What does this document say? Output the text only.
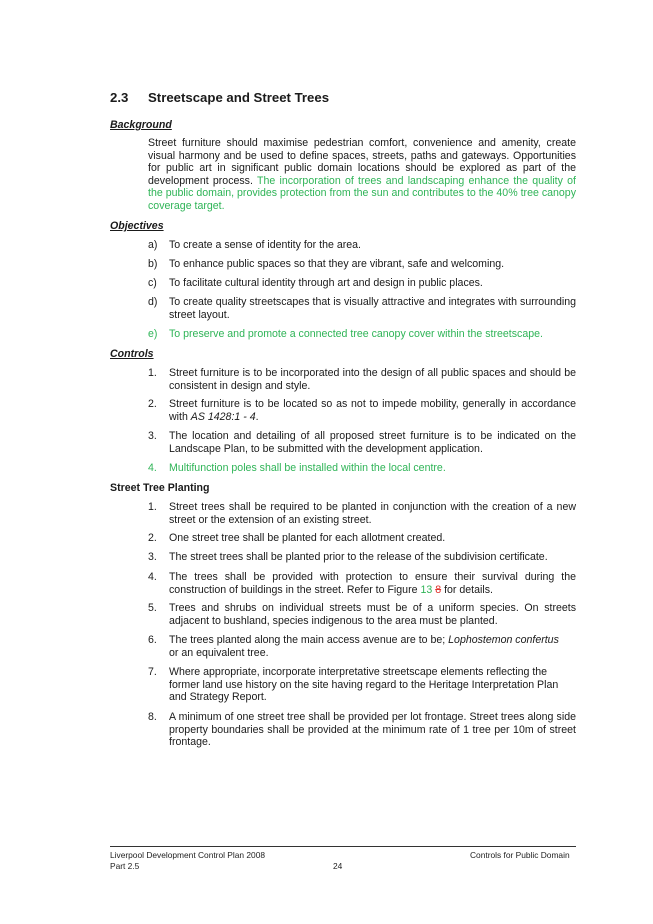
2.3 Streetscape and Street Trees
Background
Street furniture should maximise pedestrian comfort, convenience and amenity, create visual harmony and be used to define spaces, streets, paths and gateways. Opportunities for public art in significant public domain locations should be explored as part of the development process. The incorporation of trees and landscaping enhance the quality of the public domain, provides protection from the sun and contributes to the 40% tree canopy coverage target.
Objectives
a) To create a sense of identity for the area.
b) To enhance public spaces so that they are vibrant, safe and welcoming.
c) To facilitate cultural identity through art and design in public places.
d) To create quality streetscapes that is visually attractive and integrates with surrounding street layout.
e) To preserve and promote a connected tree canopy cover within the streetscape.
Controls
1. Street furniture is to be incorporated into the design of all public spaces and should be consistent in design and style.
2. Street furniture is to be located so as not to impede mobility, generally in accordance with AS 1428:1 - 4.
3. The location and detailing of all proposed street furniture is to be indicated on the Landscape Plan, to be submitted with the development application.
4. Multifunction poles shall be installed within the local centre.
Street Tree Planting
1. Street trees shall be required to be planted in conjunction with the creation of a new street or the extension of an existing street.
2. One street tree shall be planted for each allotment created.
3. The street trees shall be planted prior to the release of the subdivision certificate.
4. The trees shall be provided with protection to ensure their survival during the construction of buildings in the street. Refer to Figure 13 8 for details.
5. Trees and shrubs on individual streets must be of a uniform species. On streets adjacent to bushland, species indigenous to the area must be planted.
6. The trees planted along the main access avenue are to be; Lophostemon confertus
or an equivalent tree.
7. Where appropriate, incorporate interpretative streetscape elements reflecting the former land use history on the site having regard to the Heritage Interpretation Plan and Strategy Report.
8. A minimum of one street tree shall be provided per lot frontage. Street trees along side property boundaries shall be provided at the minimum rate of 1 tree per 10m of street frontage.
Liverpool Development Control Plan 2008
Part 2.5	24
Controls for Public Domain
